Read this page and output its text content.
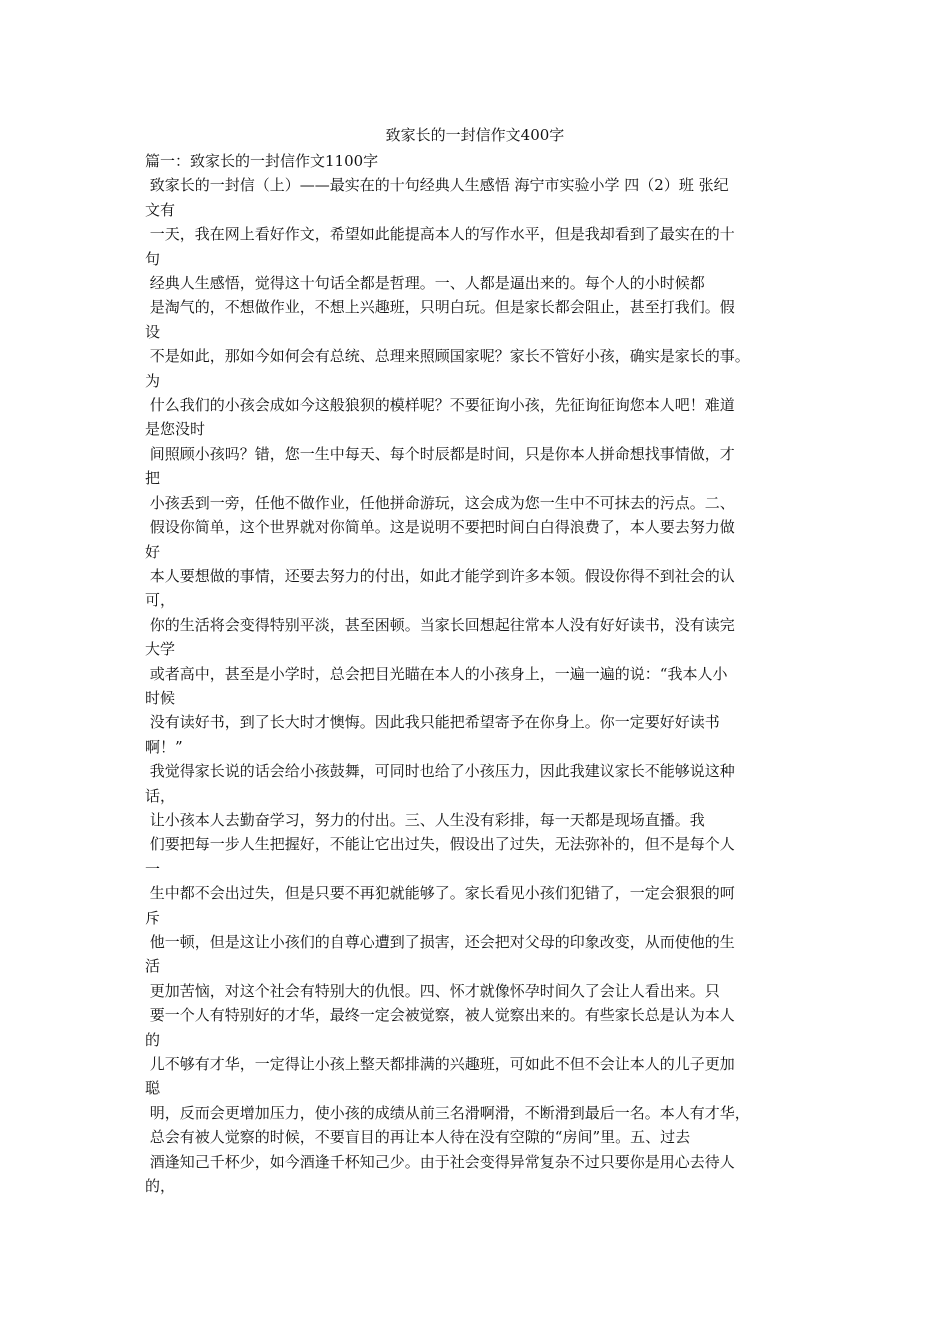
致家长的一封信作文400字
篇一：致家长的一封信作文1100字
致家长的一封信（上）——最实在的十句经典人生感悟 海宁市实验小学 四（2）班 张纪
文有
一天，我在网上看好作文，希望如此能提高本人的写作水平，但是我却看到了最实在的十
句
经典人生感悟，觉得这十句话全都是哲理。一、人都是逼出来的。每个人的小时候都
是淘气的，不想做作业，不想上兴趣班，只明白玩。但是家长都会阻止，甚至打我们。假
设
不是如此，那如今如何会有总统、总理来照顾国家呢？家长不管好小孩，确实是家长的事。
为
什么我们的小孩会成如今这般狼狈的模样呢？不要征询小孩，先征询征询您本人吧！难道
是您没时
间照顾小孩吗？错，您一生中每天、每个时辰都是时间，只是你本人拼命想找事情做，才
把
小孩丢到一旁，任他不做作业，任他拼命游玩，这会成为您一生中不可抹去的污点。二、
假设你简单，这个世界就对你简单。这是说明不要把时间白白得浪费了，本人要去努力做
好
本人要想做的事情，还要去努力的付出，如此才能学到许多本领。假设你得不到社会的认
可，
你的生活将会变得特别平淡，甚至困顿。当家长回想起往常本人没有好好读书，没有读完
大学
或者高中，甚至是小学时，总会把目光瞄在本人的小孩身上，一遍一遍的说：“我本人小
时候
没有读好书，到了长大时才懊悔。因此我只能把希望寄予在你身上。你一定要好好读书
啊！”
我觉得家长说的话会给小孩鼓舞，可同时也给了小孩压力，因此我建议家长不能够说这种
话，
让小孩本人去勤奋学习，努力的付出。三、人生没有彩排，每一天都是现场直播。我
们要把每一步人生把握好，不能让它出过失，假设出了过失，无法弥补的，但不是每个人
一
生中都不会出过失，但是只要不再犯就能够了。家长看见小孩们犯错了，一定会狠狠的呵
斥
他一顿，但是这让小孩们的自尊心遭到了损害，还会把对父母的印象改变，从而使他的生
活
更加苦恼，对这个社会有特别大的仇恨。四、怀才就像怀孕时间久了会让人看出来。只
要一个人有特别好的才华，最终一定会被觉察，被人觉察出来的。有些家长总是认为本人
的
儿不够有才华，一定得让小孩上整天都排满的兴趣班，可如此不但不会让本人的儿子更加
聪
明，反而会更增加压力，使小孩的成绩从前三名滑啊滑，不断滑到最后一名。本人有才华，
总会有被人觉察的时候，不要盲目的再让本人待在没有空隙的“房间”里。五、过去
酒逢知己千杯少，如今酒逢千杯知己少。由于社会变得异常复杂不过只要你是用心去待人
的，
